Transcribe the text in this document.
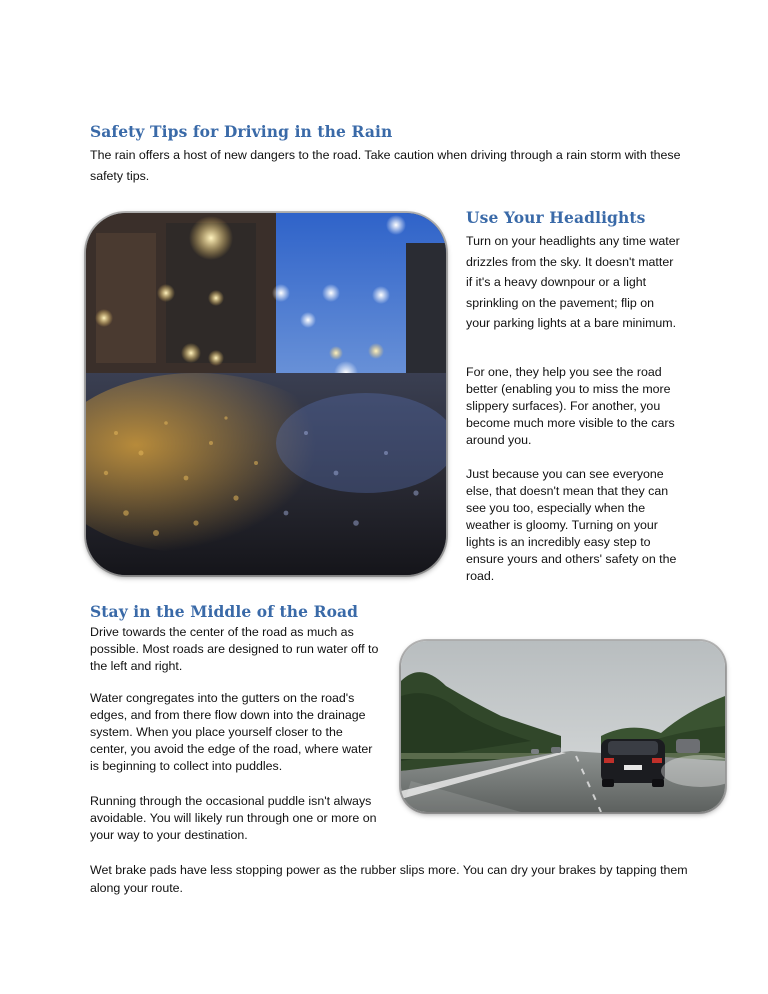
Safety Tips for Driving in the Rain

The rain offers a host of new dangers to the road. Take caution when driving through a rain storm with these safety tips.

Use Your Headlights

Turn on your headlights any time water drizzles from the sky. It doesn't matter if it's a heavy downpour or a light sprinkling on the pavement; flip on your parking lights at a bare minimum.

For one, they help you see the road better (enabling you to miss the more slippery surfaces). For another, you become much more visible to the cars around you.

Just because you can see everyone else, that doesn't mean that they can see you too, especially when the weather is gloomy. Turning on your lights is an incredibly easy step to ensure yours and others' safety on the road.

Stay in the Middle of the Road

Drive towards the center of the road as much as possible. Most roads are designed to run water off to the left and right.

Water congregates into the gutters on the road's edges, and from there flow down into the drainage system. When you place yourself closer to the center, you avoid the edge of the road, where water is beginning to collect into puddles.

Running through the occasional puddle isn't always avoidable. You will likely run through one or more on your way to your destination.

Wet brake pads have less stopping power as the rubber slips more. You can dry your brakes by tapping them along your route.
